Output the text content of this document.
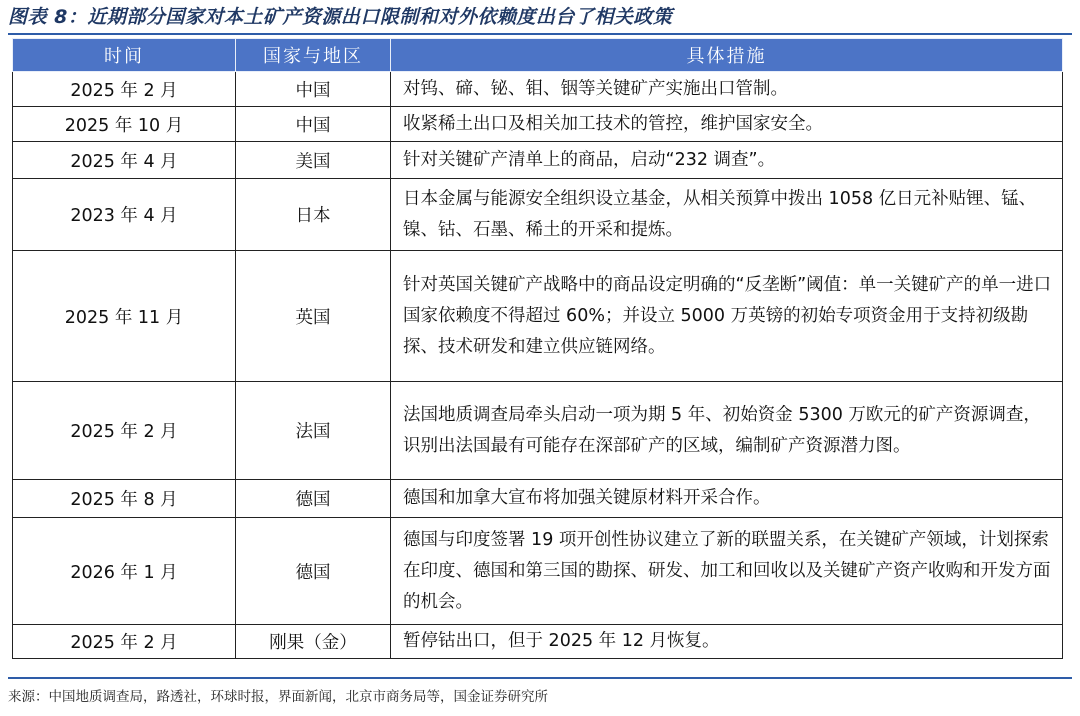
图表 8：近期部分国家对本土矿产资源出口限制和对外依赖度出台了相关政策
时间	国家与地区	具体措施
2025 年 2 月	中国	对钨、碲、铋、钼、铟等关键矿产实施出口管制。
2025 年 10 月	中国	收紧稀土出口及相关加工技术的管控，维护国家安全。
2025 年 4 月	美国	针对关键矿产清单上的商品，启动“232 调查”。
2023 年 4 月	日本	日本金属与能源安全组织设立基金，从相关预算中拨出 1058 亿日元补贴锂、锰、镍、钴、石墨、稀土的开采和提炼。
2025 年 11 月	英国	针对英国关键矿产战略中的商品设定明确的“反垄断”阈值：单一关键矿产的单一进口国家依赖度不得超过 60%；并设立 5000 万英镑的初始专项资金用于支持初级勘探、技术研发和建立供应链网络。
2025 年 2 月	法国	法国地质调查局牵头启动一项为期 5 年、初始资金 5300 万欧元的矿产资源调查，识别出法国最有可能存在深部矿产的区域，编制矿产资源潜力图。
2025 年 8 月	德国	德国和加拿大宣布将加强关键原材料开采合作。
2026 年 1 月	德国	德国与印度签署 19 项开创性协议建立了新的联盟关系，在关键矿产领域，计划探索在印度、德国和第三国的勘探、研发、加工和回收以及关键矿产资产收购和开发方面的机会。
2025 年 2 月	刚果（金）	暂停钴出口，但于 2025 年 12 月恢复。
来源：中国地质调查局，路透社，环球时报，界面新闻，北京市商务局等，国金证券研究所
